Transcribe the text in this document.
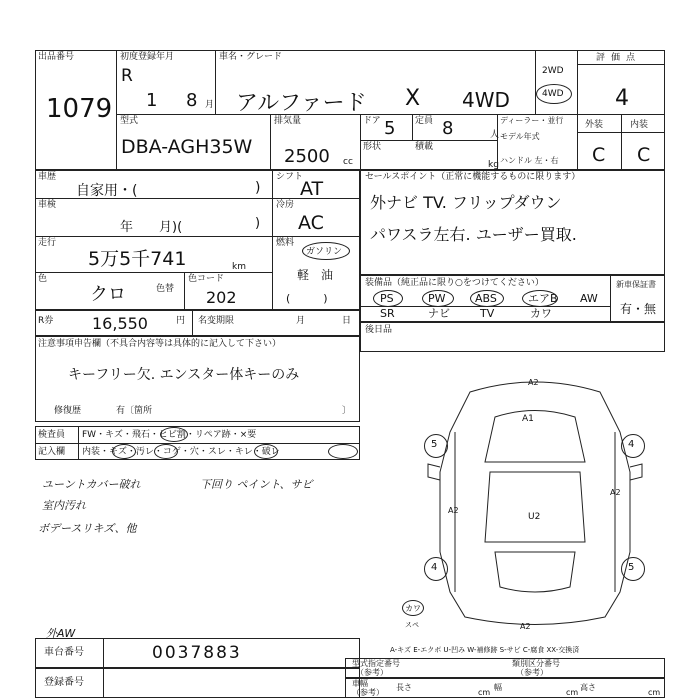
出品番号
1079
初度登録年月
R
1 8 月
車名・グレード
アルファード X 4WD
2WD
4WD
評価点
4
型式
DBA-AGH35W
排気量
2500 cc
ドア 5 定員 8	人
形状	積載
kg
ディーラー・並行
モデル年式
ハンドル 左・右
外装	内装
C C
車歴
自家用・(	)
シフト
AT
車検
年　　月)(	)
冷房
AC
走行
5万5千741	km
燃料
ガソリン
軽　油
色
クロ	色替
色コード
202	(　　　)
R券 16,550	円 名变期限	月	日
注意事項申告欄（不具合内容等は具体的に記入して下さい）
キーフリー欠. エンスター体キーのみ
修復歴	有〔箇所	〕
検査員 FW・キズ・飛石・ヒビ割・リペア跡・×要
記入欄 内装・キズ・汚レ・コゲ・穴・スレ・キレ・破レ
ユーントカバー破れ
室内汚れ
ボデースリキズ、他
下回り ペイント、サビ
外AW
セールスポイント（正常に機能するものに限ります）
外ナビ TV. フリップダウン
パワスラ左右. ユーザー買取.
装備品（純正品に限り○をつけてください）	新車保証書
有・無
PS	PW	ABS	エアB AW
SR	ナビ	TV	カワ
後日品
5	4
4	5
A2
A1
U2
A2
A2
A2
カワ
スペ
A-キズ E-エクボ U-凹み W-補修跡 S-サビ C-腐食 XX-交換済
車台番号	0037883
登録番号
型式指定番号
（参考）
類別区分番号
（参考）
車幅
（参考）
長さ
cm
幅
cm
高さ
cm
